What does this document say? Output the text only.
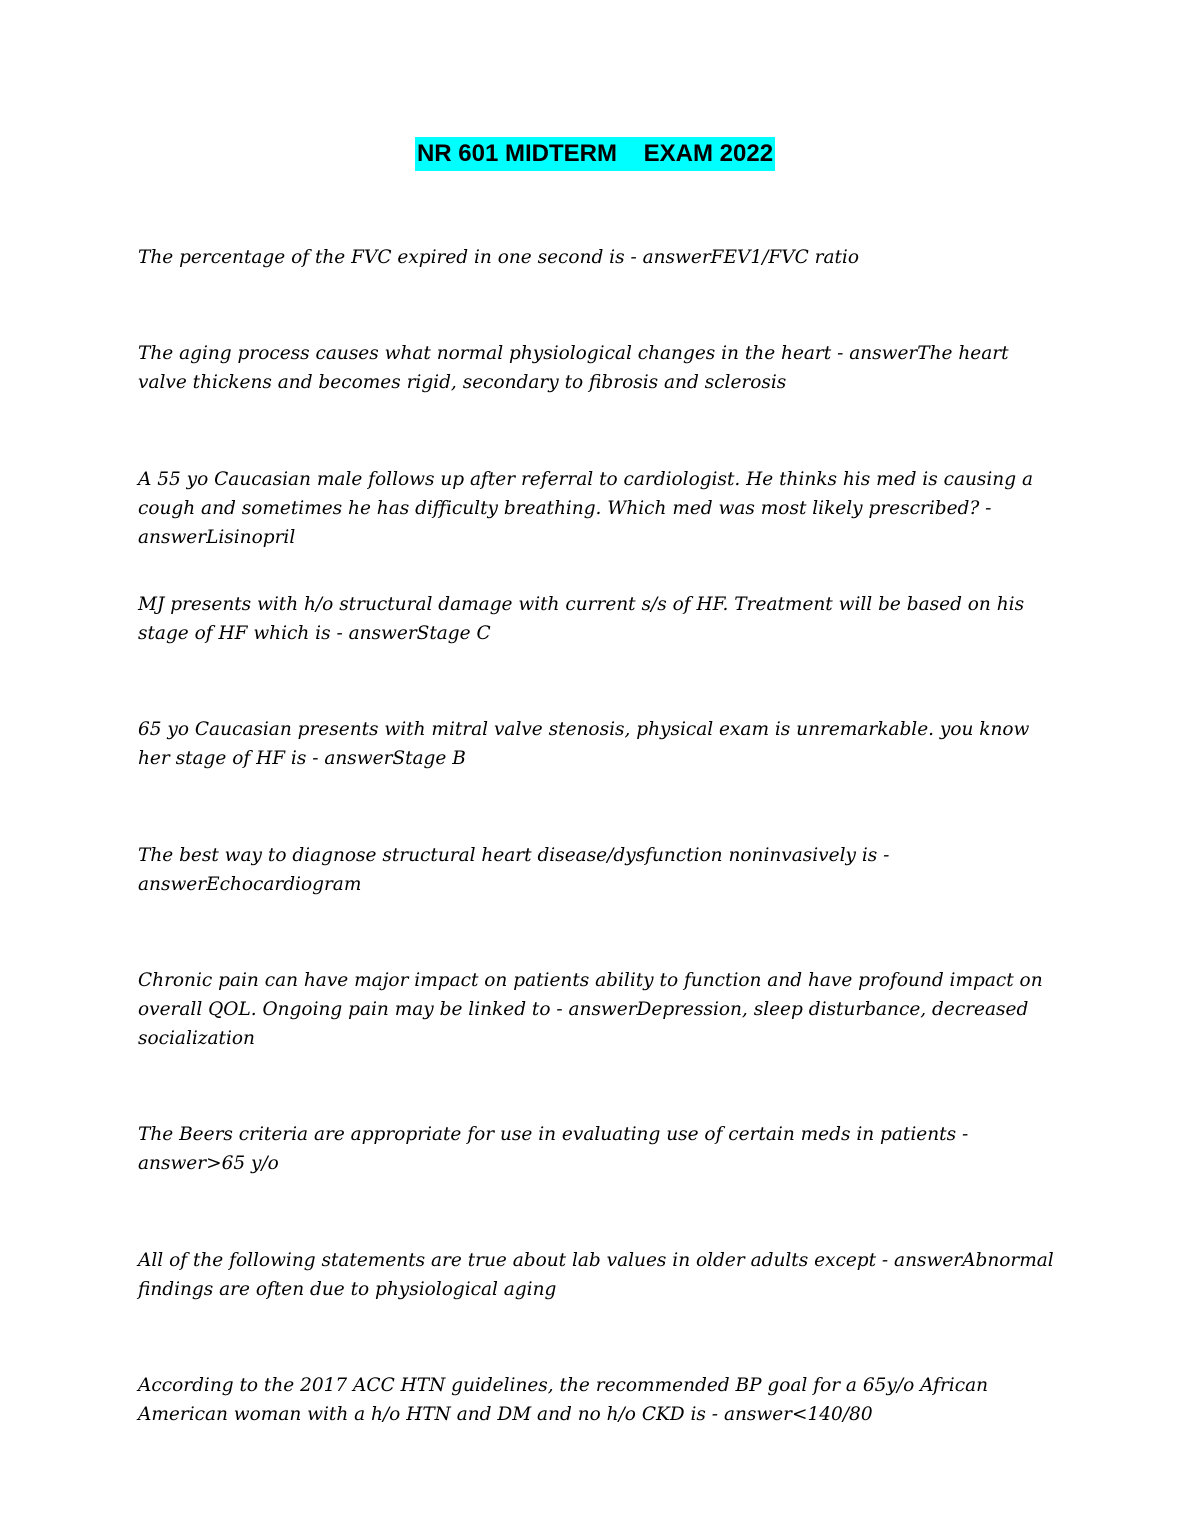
NR 601 MIDTERM    EXAM 2022

The percentage of the FVC expired in one second is - answerFEV1/FVC ratio

The aging process causes what normal physiological changes in the heart - answerThe heart valve thickens and becomes rigid, secondary to fibrosis and sclerosis

A 55 yo Caucasian male follows up after referral to cardiologist. He thinks his med is causing a cough and sometimes he has difficulty breathing. Which med was most likely prescribed? - answerLisinopril

MJ presents with h/o structural damage with current s/s of HF. Treatment will be based on his stage of HF which is - answerStage C

65 yo Caucasian presents with mitral valve stenosis, physical exam is unremarkable. you know her stage of HF is - answerStage B

The best way to diagnose structural heart disease/dysfunction noninvasively is - answerEchocardiogram

Chronic pain can have major impact on patients ability to function and have profound impact on overall QOL. Ongoing pain may be linked to - answerDepression, sleep disturbance, decreased socialization

The Beers criteria are appropriate for use in evaluating use of certain meds in patients - answer>65 y/o

All of the following statements are true about lab values in older adults except - answerAbnormal findings are often due to physiological aging

According to the 2017 ACC HTN guidelines, the recommended BP goal for a 65y/o African American woman with a h/o HTN and DM and no h/o CKD is - answer<140/80
